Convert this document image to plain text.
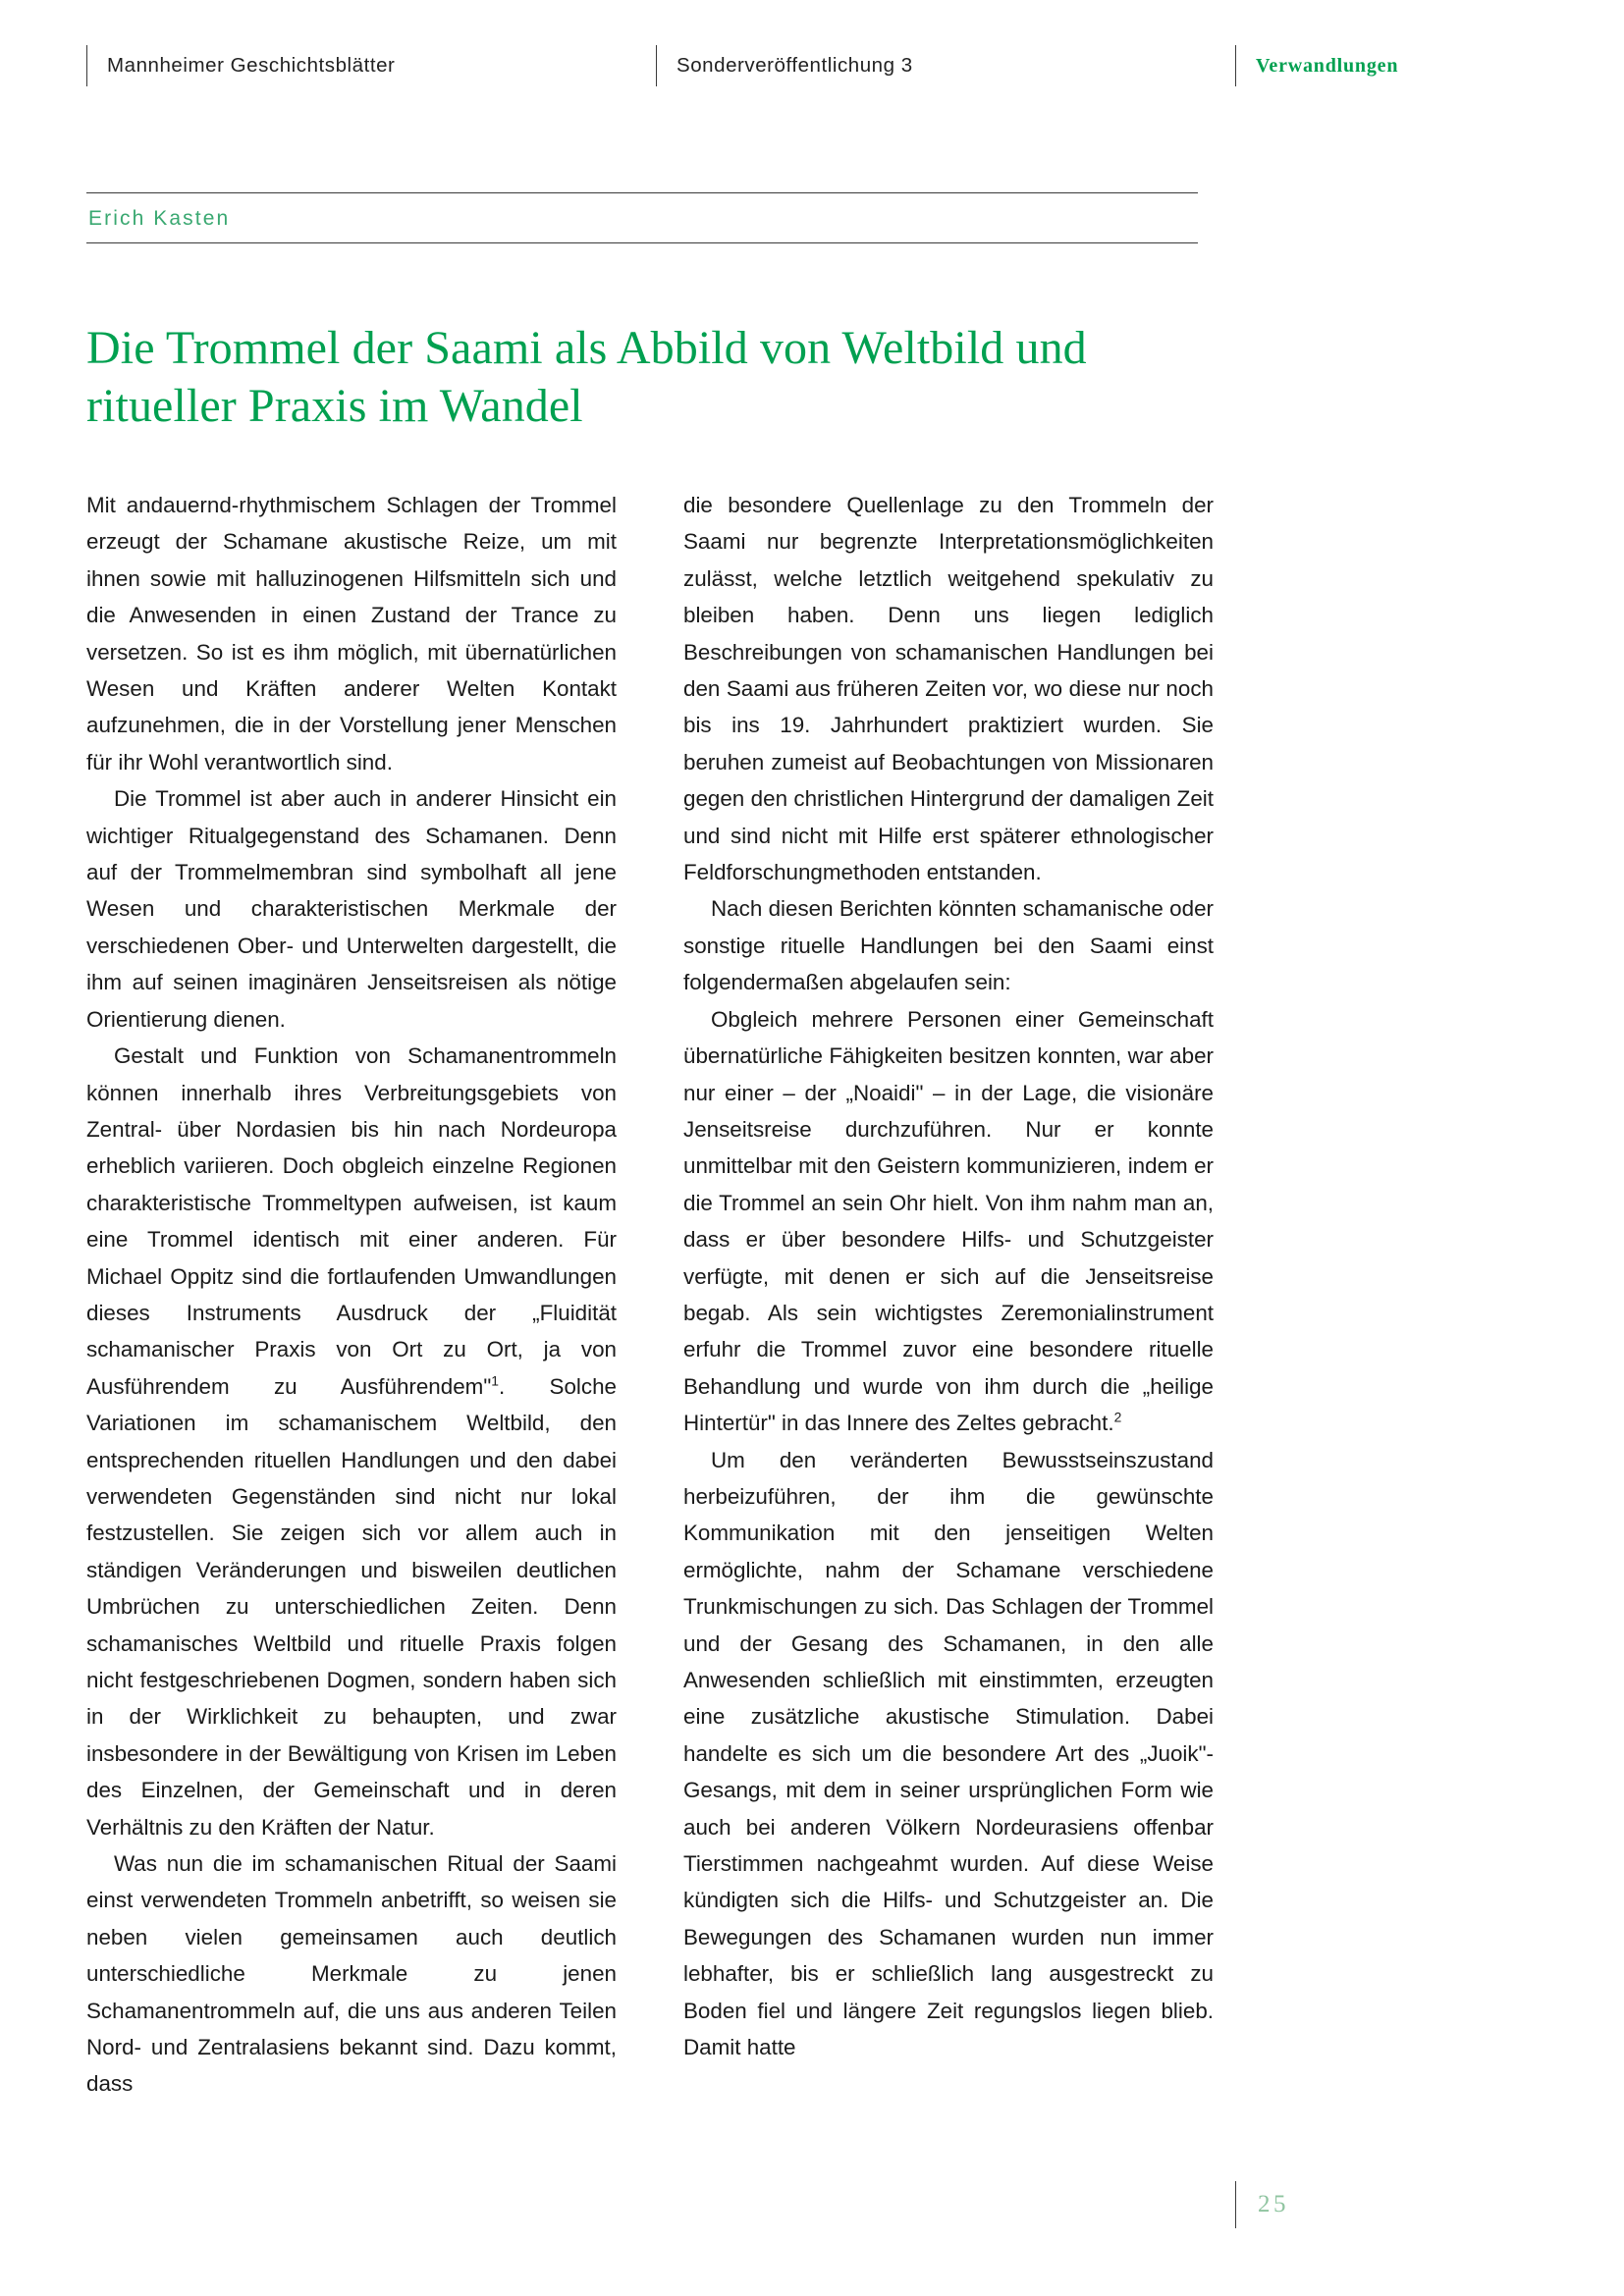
Mannheimer Geschichtsblätter	Sonderveröffentlichung 3	Verwandlungen
Erich Kasten
Die Trommel der Saami als Abbild von Weltbild und ritueller Praxis im Wandel

Mit andauernd-rhythmischem Schlagen der Trommel erzeugt der Schamane akustische Reize, um mit ihnen sowie mit halluzinogenen Hilfsmitteln sich und die Anwesenden in einen Zustand der Trance zu versetzen. So ist es ihm möglich, mit übernatürlichen Wesen und Kräften anderer Welten Kontakt aufzunehmen, die in der Vorstellung jener Menschen für ihr Wohl verantwortlich sind.

Die Trommel ist aber auch in anderer Hinsicht ein wichtiger Ritualgegenstand des Schamanen. Denn auf der Trommelmembran sind symbolhaft all jene Wesen und charakteristischen Merkmale der verschiedenen Ober- und Unterwelten dargestellt, die ihm auf seinen imaginären Jenseitsreisen als nötige Orientierung dienen.

Gestalt und Funktion von Schamanentrommeln können innerhalb ihres Verbreitungsgebiets von Zentral- über Nordasien bis hin nach Nordeuropa erheblich variieren. Doch obgleich einzelne Regionen charakteristische Trommeltypen aufweisen, ist kaum eine Trommel identisch mit einer anderen. Für Michael Oppitz sind die fortlaufenden Umwandlungen dieses Instruments Ausdruck der „Fluidität schamanischer Praxis von Ort zu Ort, ja von Ausführendem zu Ausführendem"$^1$. Solche Variationen im schamanischem Weltbild, den entsprechenden rituellen Handlungen und den dabei verwendeten Gegenständen sind nicht nur lokal festzustellen. Sie zeigen sich vor allem auch in ständigen Veränderungen und bisweilen deutlichen Umbrüchen zu unterschiedlichen Zeiten. Denn schamanisches Weltbild und rituelle Praxis folgen nicht festgeschriebenen Dogmen, sondern haben sich in der Wirklichkeit zu behaupten, und zwar insbesondere in der Bewältigung von Krisen im Leben des Einzelnen, der Gemeinschaft und in deren Verhältnis zu den Kräften der Natur.

Was nun die im schamanischen Ritual der Saami einst verwendeten Trommeln anbetrifft, so weisen sie neben vielen gemeinsamen auch deutlich unterschiedliche Merkmale zu jenen Schamanentrommeln auf, die uns aus anderen Teilen Nord- und Zentralasiens bekannt sind. Dazu kommt, dass

die besondere Quellenlage zu den Trommeln der Saami nur begrenzte Interpretationsmöglichkeiten zulässt, welche letztlich weitgehend spekulativ zu bleiben haben. Denn uns liegen lediglich Beschreibungen von schamanischen Handlungen bei den Saami aus früheren Zeiten vor, wo diese nur noch bis ins 19. Jahrhundert praktiziert wurden. Sie beruhen zumeist auf Beobachtungen von Missionaren gegen den christlichen Hintergrund der damaligen Zeit und sind nicht mit Hilfe erst späterer ethnologischer Feldforschungmethoden entstanden.

Nach diesen Berichten könnten schamanische oder sonstige rituelle Handlungen bei den Saami einst folgendermaßen abgelaufen sein:

Obgleich mehrere Personen einer Gemeinschaft übernatürliche Fähigkeiten besitzen konnten, war aber nur einer – der „Noaidi" – in der Lage, die visionäre Jenseitsreise durchzuführen. Nur er konnte unmittelbar mit den Geistern kommunizieren, indem er die Trommel an sein Ohr hielt. Von ihm nahm man an, dass er über besondere Hilfs- und Schutzgeister verfügte, mit denen er sich auf die Jenseitsreise begab. Als sein wichtigstes Zeremonialinstrument erfuhr die Trommel zuvor eine besondere rituelle Behandlung und wurde von ihm durch die „heilige Hintertür" in das Innere des Zeltes gebracht.$^2$

Um den veränderten Bewusstseinszustand herbeizuführen, der ihm die gewünschte Kommunikation mit den jenseitigen Welten ermöglichte, nahm der Schamane verschiedene Trunkmischungen zu sich. Das Schlagen der Trommel und der Gesang des Schamanen, in den alle Anwesenden schließlich mit einstimmten, erzeugten eine zusätzliche akustische Stimulation. Dabei handelte es sich um die besondere Art des „Juoik"-Gesangs, mit dem in seiner ursprünglichen Form wie auch bei anderen Völkern Nordeurasiens offenbar Tierstimmen nachgeahmt wurden. Auf diese Weise kündigten sich die Hilfs- und Schutzgeister an. Die Bewegungen des Schamanen wurden nun immer lebhafter, bis er schließlich lang ausgestreckt zu Boden fiel und längere Zeit regungslos liegen blieb. Damit hatte

25
